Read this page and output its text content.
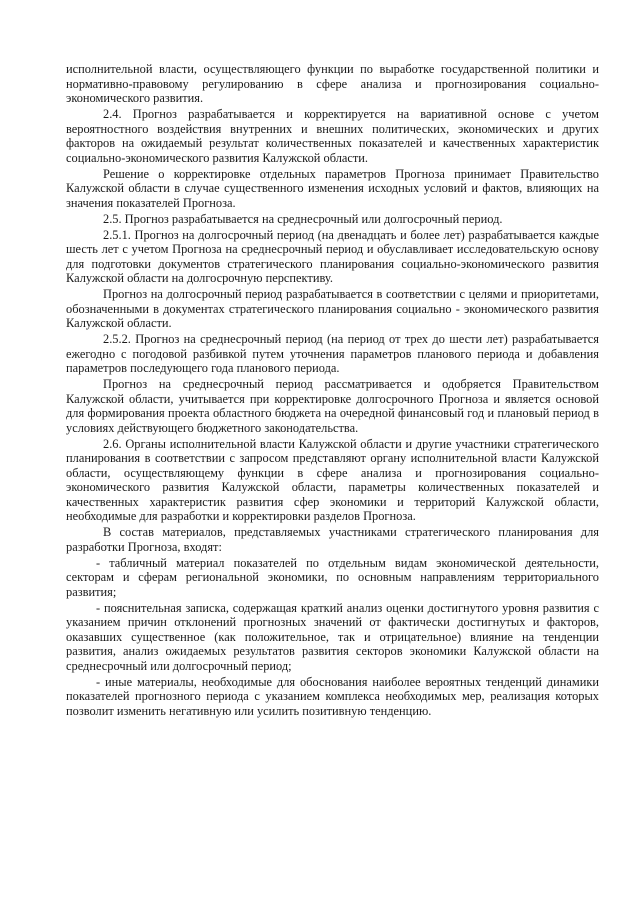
исполнительной власти, осуществляющего функции по выработке государственной политики и нормативно-правовому регулированию в сфере анализа и прогнозирования социально-экономического развития.

2.4. Прогноз разрабатывается и корректируется на вариативной основе с учетом вероятностного воздействия внутренних и внешних политических, экономических и других факторов на ожидаемый результат количественных показателей и качественных характеристик социально-экономического развития Калужской области.

Решение о корректировке отдельных параметров Прогноза принимает Правительство Калужской области в случае существенного изменения исходных условий и фактов, влияющих на значения показателей Прогноза.

2.5. Прогноз разрабатывается на среднесрочный или долгосрочный период.

2.5.1. Прогноз на долгосрочный период (на двенадцать и более лет) разрабатывается каждые шесть лет с учетом Прогноза на среднесрочный период и обуславливает исследовательскую основу для подготовки документов стратегического планирования социально-экономического развития Калужской области на долгосрочную перспективу.

Прогноз на долгосрочный период разрабатывается в соответствии с целями и приоритетами, обозначенными в документах стратегического планирования социально - экономического развития Калужской области.

2.5.2. Прогноз на среднесрочный период (на период от трех до шести лет) разрабатывается ежегодно с погодовой разбивкой путем уточнения параметров планового периода и добавления параметров последующего года планового периода.

Прогноз на среднесрочный период рассматривается и одобряется Правительством Калужской области, учитывается при корректировке долгосрочного Прогноза и является основой для формирования проекта областного бюджета на очередной финансовый год и плановый период в условиях действующего бюджетного законодательства.

2.6. Органы исполнительной власти Калужской области и другие участники стратегического планирования в соответствии с запросом представляют органу исполнительной власти Калужской области, осуществляющему функции в сфере анализа и прогнозирования социально-экономического развития Калужской области, параметры количественных показателей и качественных характеристик развития сфер экономики и территорий Калужской области, необходимые для разработки и корректировки разделов Прогноза.

В состав материалов, представляемых участниками стратегического планирования для разработки Прогноза, входят:

- табличный материал показателей по отдельным видам экономической деятельности, секторам и сферам региональной экономики, по основным направлениям территориального развития;

- пояснительная записка, содержащая краткий анализ оценки достигнутого уровня развития с указанием причин отклонений прогнозных значений от фактически достигнутых и факторов, оказавших существенное (как положительное, так и отрицательное) влияние на тенденции развития, анализ ожидаемых результатов развития секторов экономики Калужской области на среднесрочный или долгосрочный период;

- иные материалы, необходимые для обоснования наиболее вероятных тенденций динамики показателей прогнозного периода с указанием комплекса необходимых мер, реализация которых позволит изменить негативную или усилить позитивную тенденцию.
